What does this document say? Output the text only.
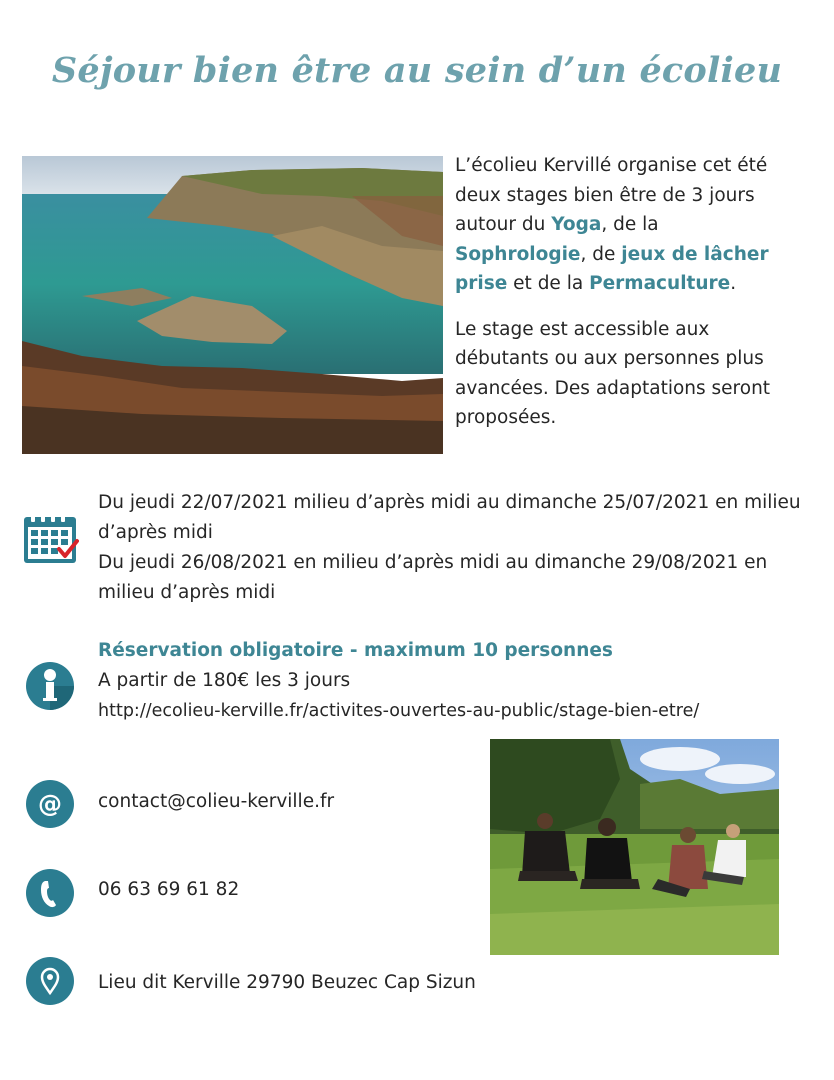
Séjour bien être au sein d’un écolieu

L’écolieu Kervillé organise cet été deux stages bien être de 3 jours autour du Yoga, de la Sophrologie, de jeux de lâcher prise et de la Permaculture.

Le stage est accessible aux débutants ou aux personnes plus avancées. Des adaptations seront proposées.

Du jeudi 22/07/2021 milieu d’après midi au dimanche 25/07/2021 en milieu d’après midi
Du jeudi 26/08/2021 en milieu d’après midi au dimanche 29/08/2021 en milieu d’après midi
Réservation obligatoire - maximum 10 personnes
A partir de 180€ les 3 jours
http://ecolieu-kerville.fr/activites-ouvertes-au-public/stage-bien-etre/
@ contact@colieu-kerville.fr
06 63 69 61 82
Lieu dit Kerville 29790 Beuzec Cap Sizun
